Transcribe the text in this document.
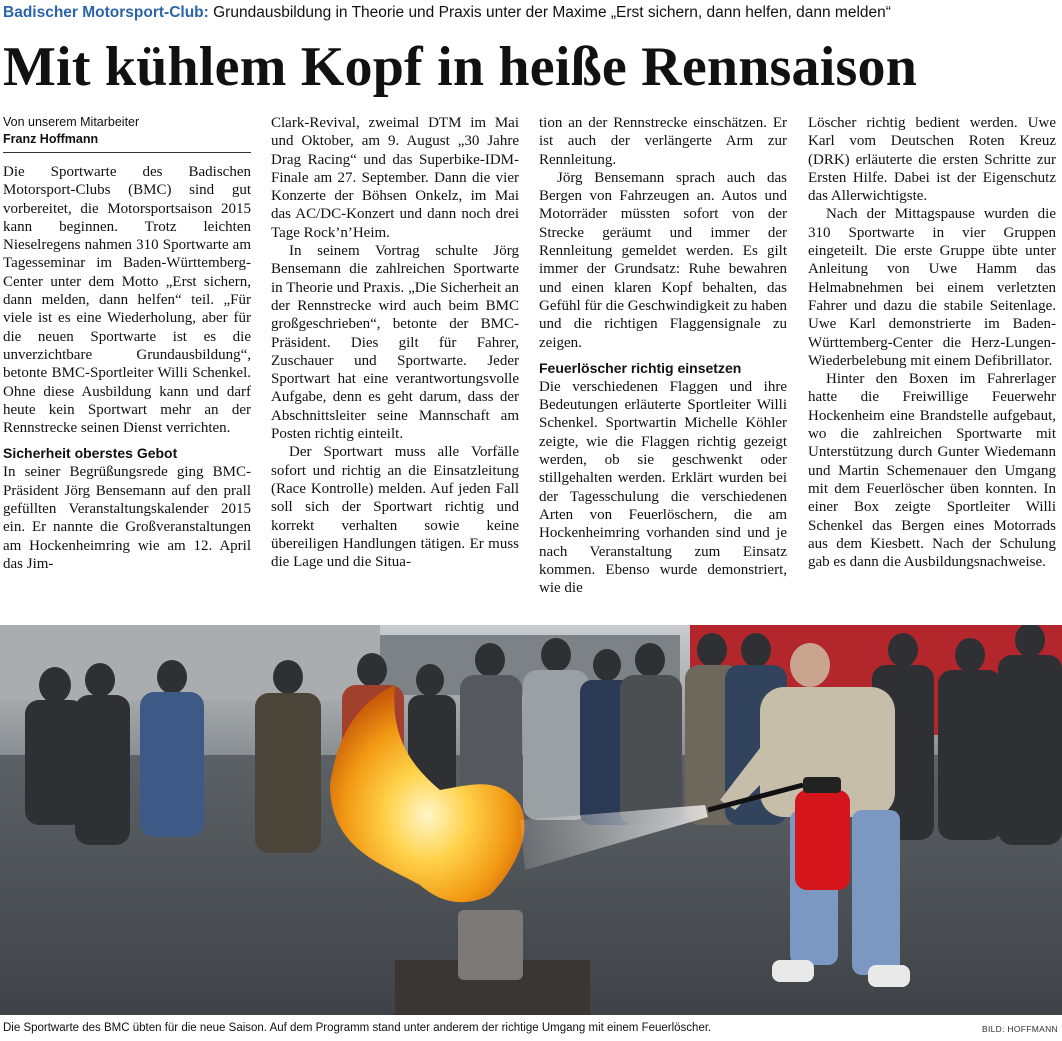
Badischer Motorsport-Club: Grundausbildung in Theorie und Praxis unter der Maxime „Erst sichern, dann helfen, dann melden“
Mit kühlem Kopf in heiße Rennsaison

Von unserem Mitarbeiter

Franz Hoffmann

Die Sportwarte des Badischen Motorsport-Clubs (BMC) sind gut vorbereitet, die Motorsportsaison 2015 kann beginnen. Trotz leichten Nieselregens nahmen 310 Sportwarte am Tagesseminar im Baden-Württemberg-Center unter dem Motto „Erst sichern, dann melden, dann helfen“ teil. „Für viele ist es eine Wiederholung, aber für die neuen Sportwarte ist es die unverzichtbare Grundausbildung“, betonte BMC-Sportleiter Willi Schenkel. Ohne diese Ausbildung kann und darf heute kein Sportwart mehr an der Rennstrecke seinen Dienst verrichten.

Sicherheit oberstes Gebot

In seiner Begrüßungsrede ging BMC-Präsident Jörg Bensemann auf den prall gefüllten Veranstaltungskalender 2015 ein. Er nannte die Großveranstaltungen am Hockenheimring wie am 12. April das Jim-

Clark-Revival, zweimal DTM im Mai und Oktober, am 9. August „30 Jahre Drag Racing“ und das Superbike-IDM-Finale am 27. September. Dann die vier Konzerte der Böhsen Onkelz, im Mai das AC/DC-Konzert und dann noch drei Tage Rock’n’Heim.

In seinem Vortrag schulte Jörg Bensemann die zahlreichen Sportwarte in Theorie und Praxis. „Die Sicherheit an der Rennstrecke wird auch beim BMC großgeschrieben“, betonte der BMC-Präsident. Dies gilt für Fahrer, Zuschauer und Sportwarte. Jeder Sportwart hat eine verantwortungsvolle Aufgabe, denn es geht darum, dass der Abschnittsleiter seine Mannschaft am Posten richtig einteilt.

Der Sportwart muss alle Vorfälle sofort und richtig an die Einsatzleitung (Race Kontrolle) melden. Auf jeden Fall soll sich der Sportwart richtig und korrekt verhalten sowie keine übereiligen Handlungen tätigen. Er muss die Lage und die Situa-

tion an der Rennstrecke einschätzen. Er ist auch der verlängerte Arm zur Rennleitung.

Jörg Bensemann sprach auch das Bergen von Fahrzeugen an. Autos und Motorräder müssten sofort von der Strecke geräumt und immer der Rennleitung gemeldet werden. Es gilt immer der Grundsatz: Ruhe bewahren und einen klaren Kopf behalten, das Gefühl für die Geschwindigkeit zu haben und die richtigen Flaggensignale zu zeigen.

Feuerlöscher richtig einsetzen

Die verschiedenen Flaggen und ihre Bedeutungen erläuterte Sportleiter Willi Schenkel. Sportwartin Michelle Köhler zeigte, wie die Flaggen richtig gezeigt werden, ob sie geschwenkt oder stillgehalten werden. Erklärt wurden bei der Tagesschulung die verschiedenen Arten von Feuerlöschern, die am Hockenheimring vorhanden sind und je nach Veranstaltung zum Einsatz kommen. Ebenso wurde demonstriert, wie die

Löscher richtig bedient werden. Uwe Karl vom Deutschen Roten Kreuz (DRK) erläuterte die ersten Schritte zur Ersten Hilfe. Dabei ist der Eigenschutz das Allerwichtigste.

Nach der Mittagspause wurden die 310 Sportwarte in vier Gruppen eingeteilt. Die erste Gruppe übte unter Anleitung von Uwe Hamm das Helmabnehmen bei einem verletzten Fahrer und dazu die stabile Seitenlage. Uwe Karl demonstrierte im Baden-Württemberg-Center die Herz-Lungen-Wiederbelebung mit einem Defibrillator.

Hinter den Boxen im Fahrerlager hatte die Freiwillige Feuerwehr Hockenheim eine Brandstelle aufgebaut, wo die zahlreichen Sportwarte mit Unterstützung durch Gunter Wiedemann und Martin Schemenauer den Umgang mit dem Feuerlöscher üben konnten. In einer Box zeigte Sportleiter Willi Schenkel das Bergen eines Motorrads aus dem Kiesbett. Nach der Schulung gab es dann die Ausbildungsnachweise.

Die Sportwarte des BMC übten für die neue Saison. Auf dem Programm stand unter anderem der richtige Umgang mit einem Feuerlöscher.	BILD: HOFFMANN
